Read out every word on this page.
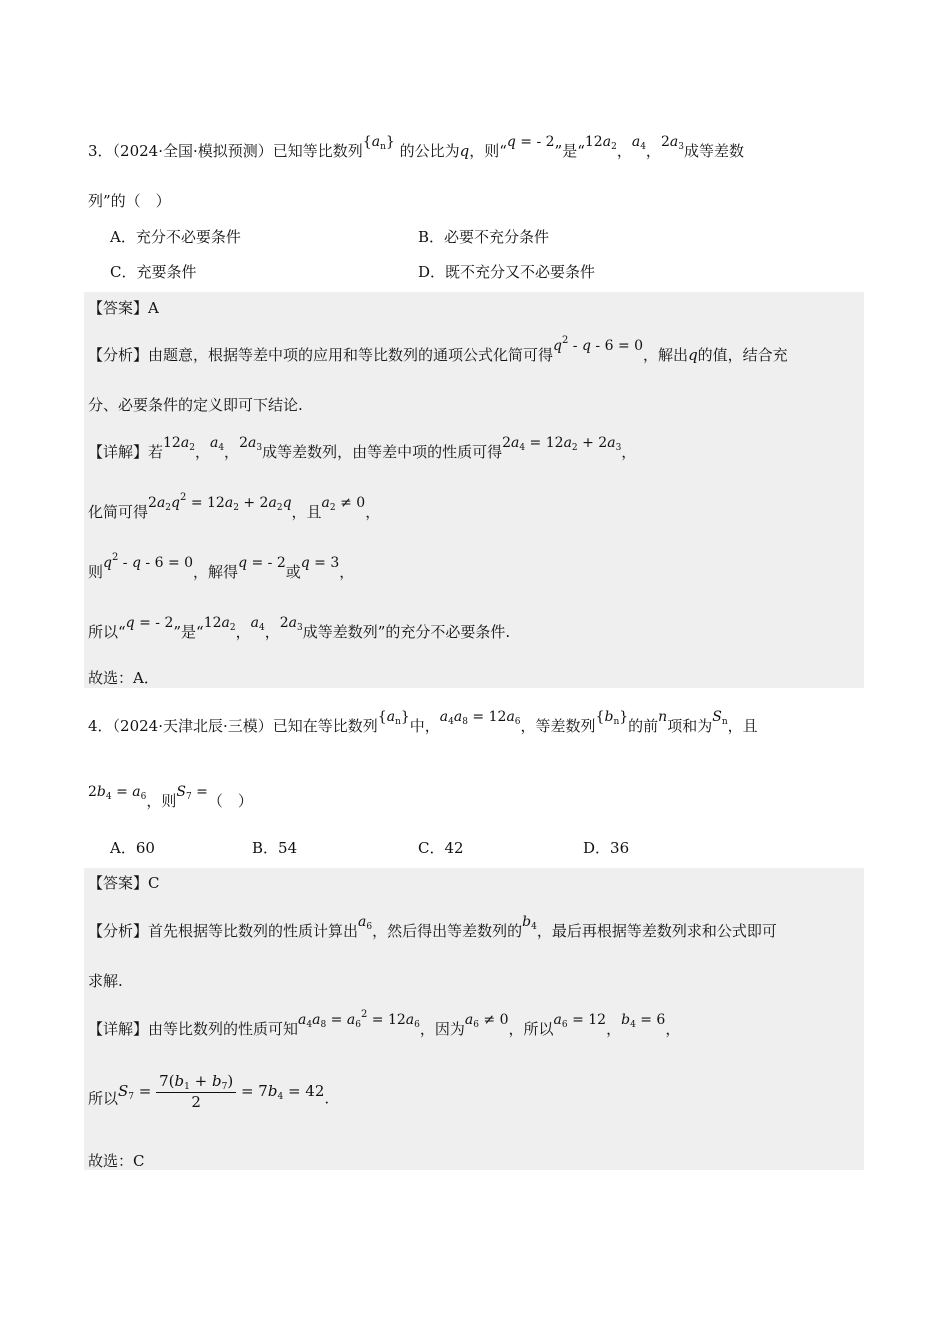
3．（2024·全国·模拟预测）已知等比数列$\{a_n\}$ 的公比为q，则“q = - 2”是“$12a_2$，$a_4$，$2a_3$成等差数
列”的（　）
A．充分不必要条件	B．必要不充分条件
C．充要条件	D．既不充分又不必要条件
【答案】A
【分析】由题意，根据等差中项的应用和等比数列的通项公式化简可得$q^2 - q - 6 = 0$，解出q的值，结合充
分、必要条件的定义即可下结论.
【详解】若$12a_2$，$a_4$，$2a_3$成等差数列，由等差中项的性质可得$2a_4 = 12a_2 + 2a_3$，
化简可得$2a_2q^2 = 12a_2 + 2a_2q$，且$a_2 \ne 0$，
则$q^2 - q - 6 = 0$，解得q = - 2或q = 3，
所以“q = - 2”是“$12a_2$，$a_4$，$2a_3$成等差数列”的充分不必要条件.
故选：A．
4．（2024·天津北辰·三模）已知在等比数列$\{a_n\}$中，$a_4a_8 = 12a_6$，等差数列$\{b_n\}$的前n项和为$S_n$，且
$2b_4 = a_6$，则$S_7$ =（　）
A．60	B．54	C．42	D．36
【答案】C
【分析】首先根据等比数列的性质计算出$a_6$，然后得出等差数列的$b_4$，最后再根据等差数列求和公式即可
求解.
【详解】由等比数列的性质可知$a_4a_8 = a_6^2 = 12a_6$，因为$a_6 \ne 0$，所以$a_6 = 12$，$b_4 = 6$，
所以$S_7 = \frac{7(b_1 + b_7)}{2} = 7b_4 = 42$.
故选：C
